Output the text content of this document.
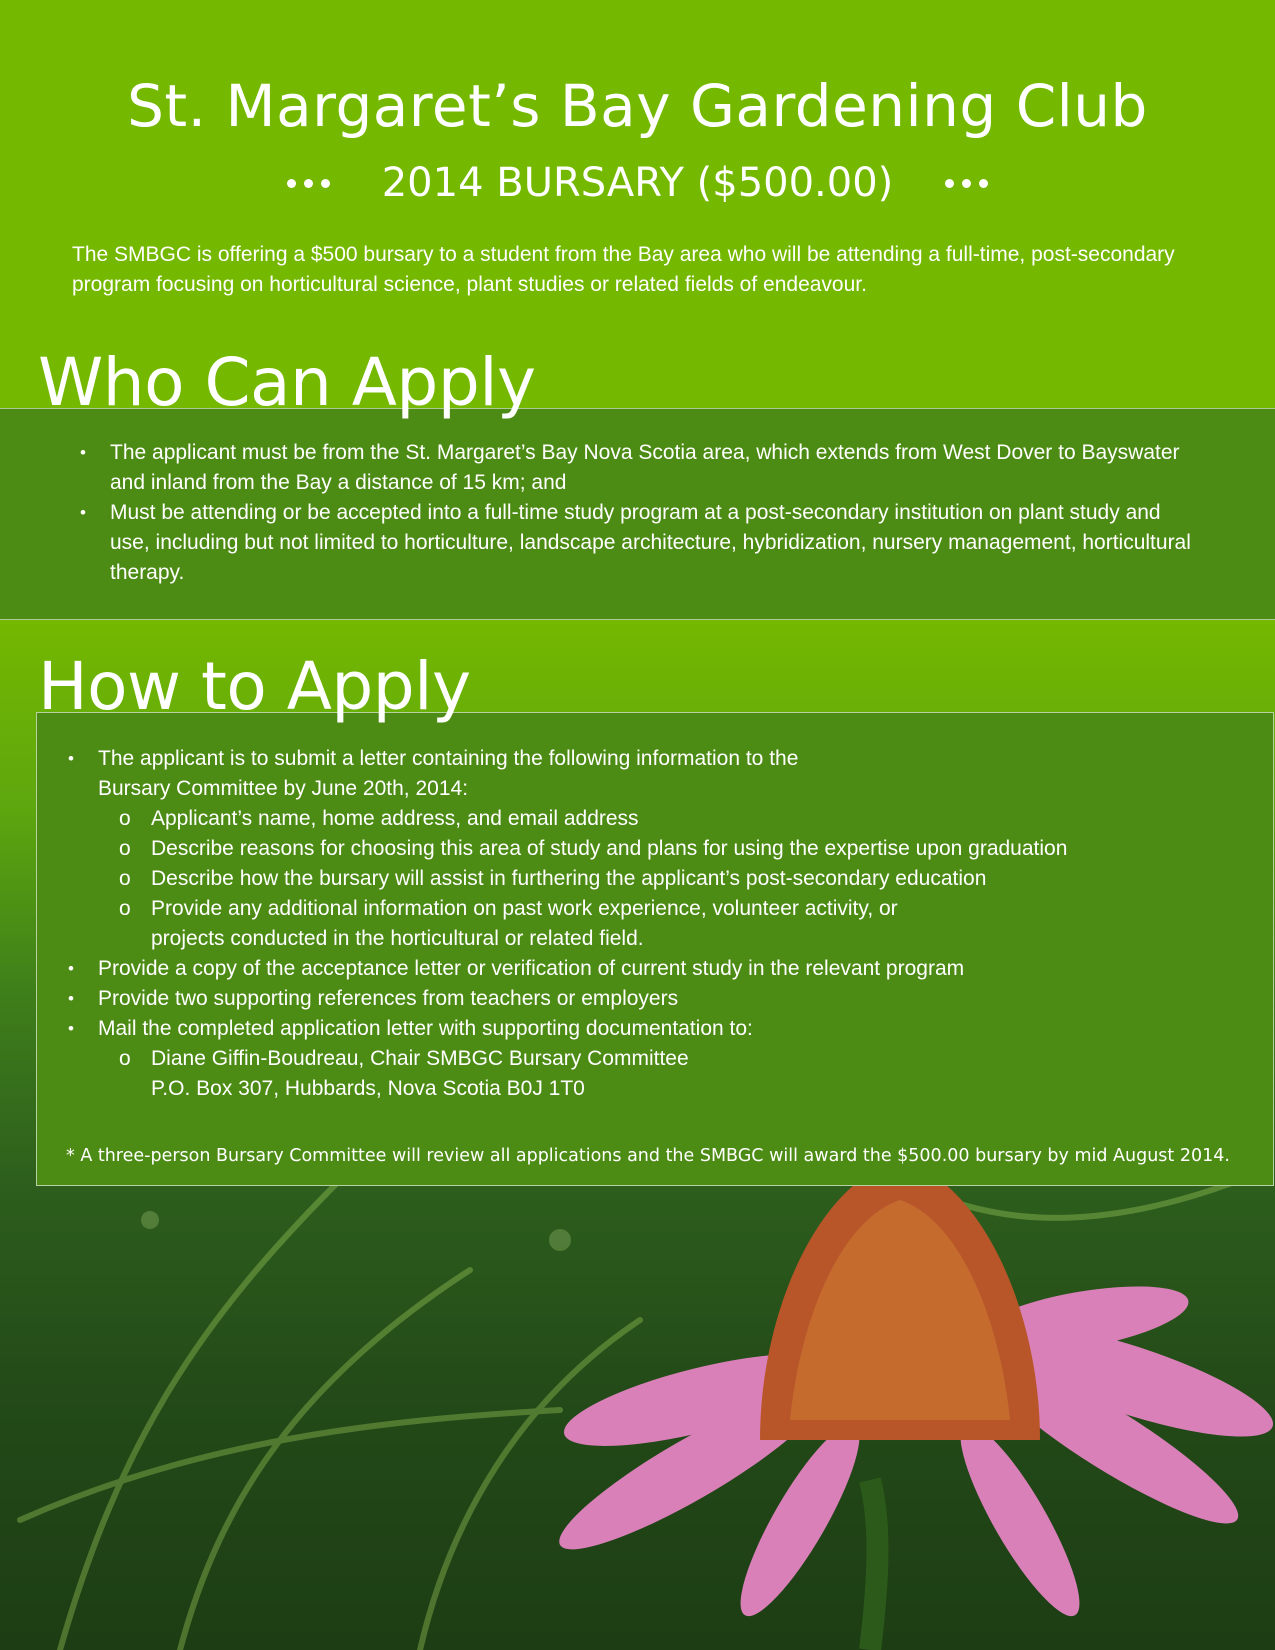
St. Margaret’s Bay Gardening Club
2014 BURSARY ($500.00)
The SMBGC is offering a $500 bursary to a student from the Bay area who will be attending a full-time, post-secondary program focusing on horticultural science, plant studies or related fields of endeavour.
Who Can Apply
• The applicant must be from the St. Margaret’s Bay Nova Scotia area, which extends from West Dover to Bayswater and inland from the Bay a distance of 15 km; and
• Must be attending or be accepted into a full-time study program at a post-secondary institution on plant study and use, including but not limited to horticulture, landscape architecture, hybridization, nursery management, horticultural therapy.
How to Apply
• The applicant is to submit a letter containing the following information to the Bursary Committee by June 20th, 2014:
o Applicant’s name, home address, and email address
o Describe reasons for choosing this area of study and plans for using the expertise upon graduation
o Describe how the bursary will assist in furthering the applicant’s post-secondary education
o Provide any additional information on past work experience, volunteer activity, or projects conducted in the horticultural or related field.
• Provide a copy of the acceptance letter or verification of current study in the relevant program
• Provide two supporting references from teachers or employers
• Mail the completed application letter with supporting documentation to:
o Diane Giffin-Boudreau, Chair SMBGC Bursary Committee
P.O. Box 307, Hubbards, Nova Scotia B0J 1T0
* A three-person Bursary Committee will review all applications and the SMBGC will award the $500.00 bursary by mid August 2014.
